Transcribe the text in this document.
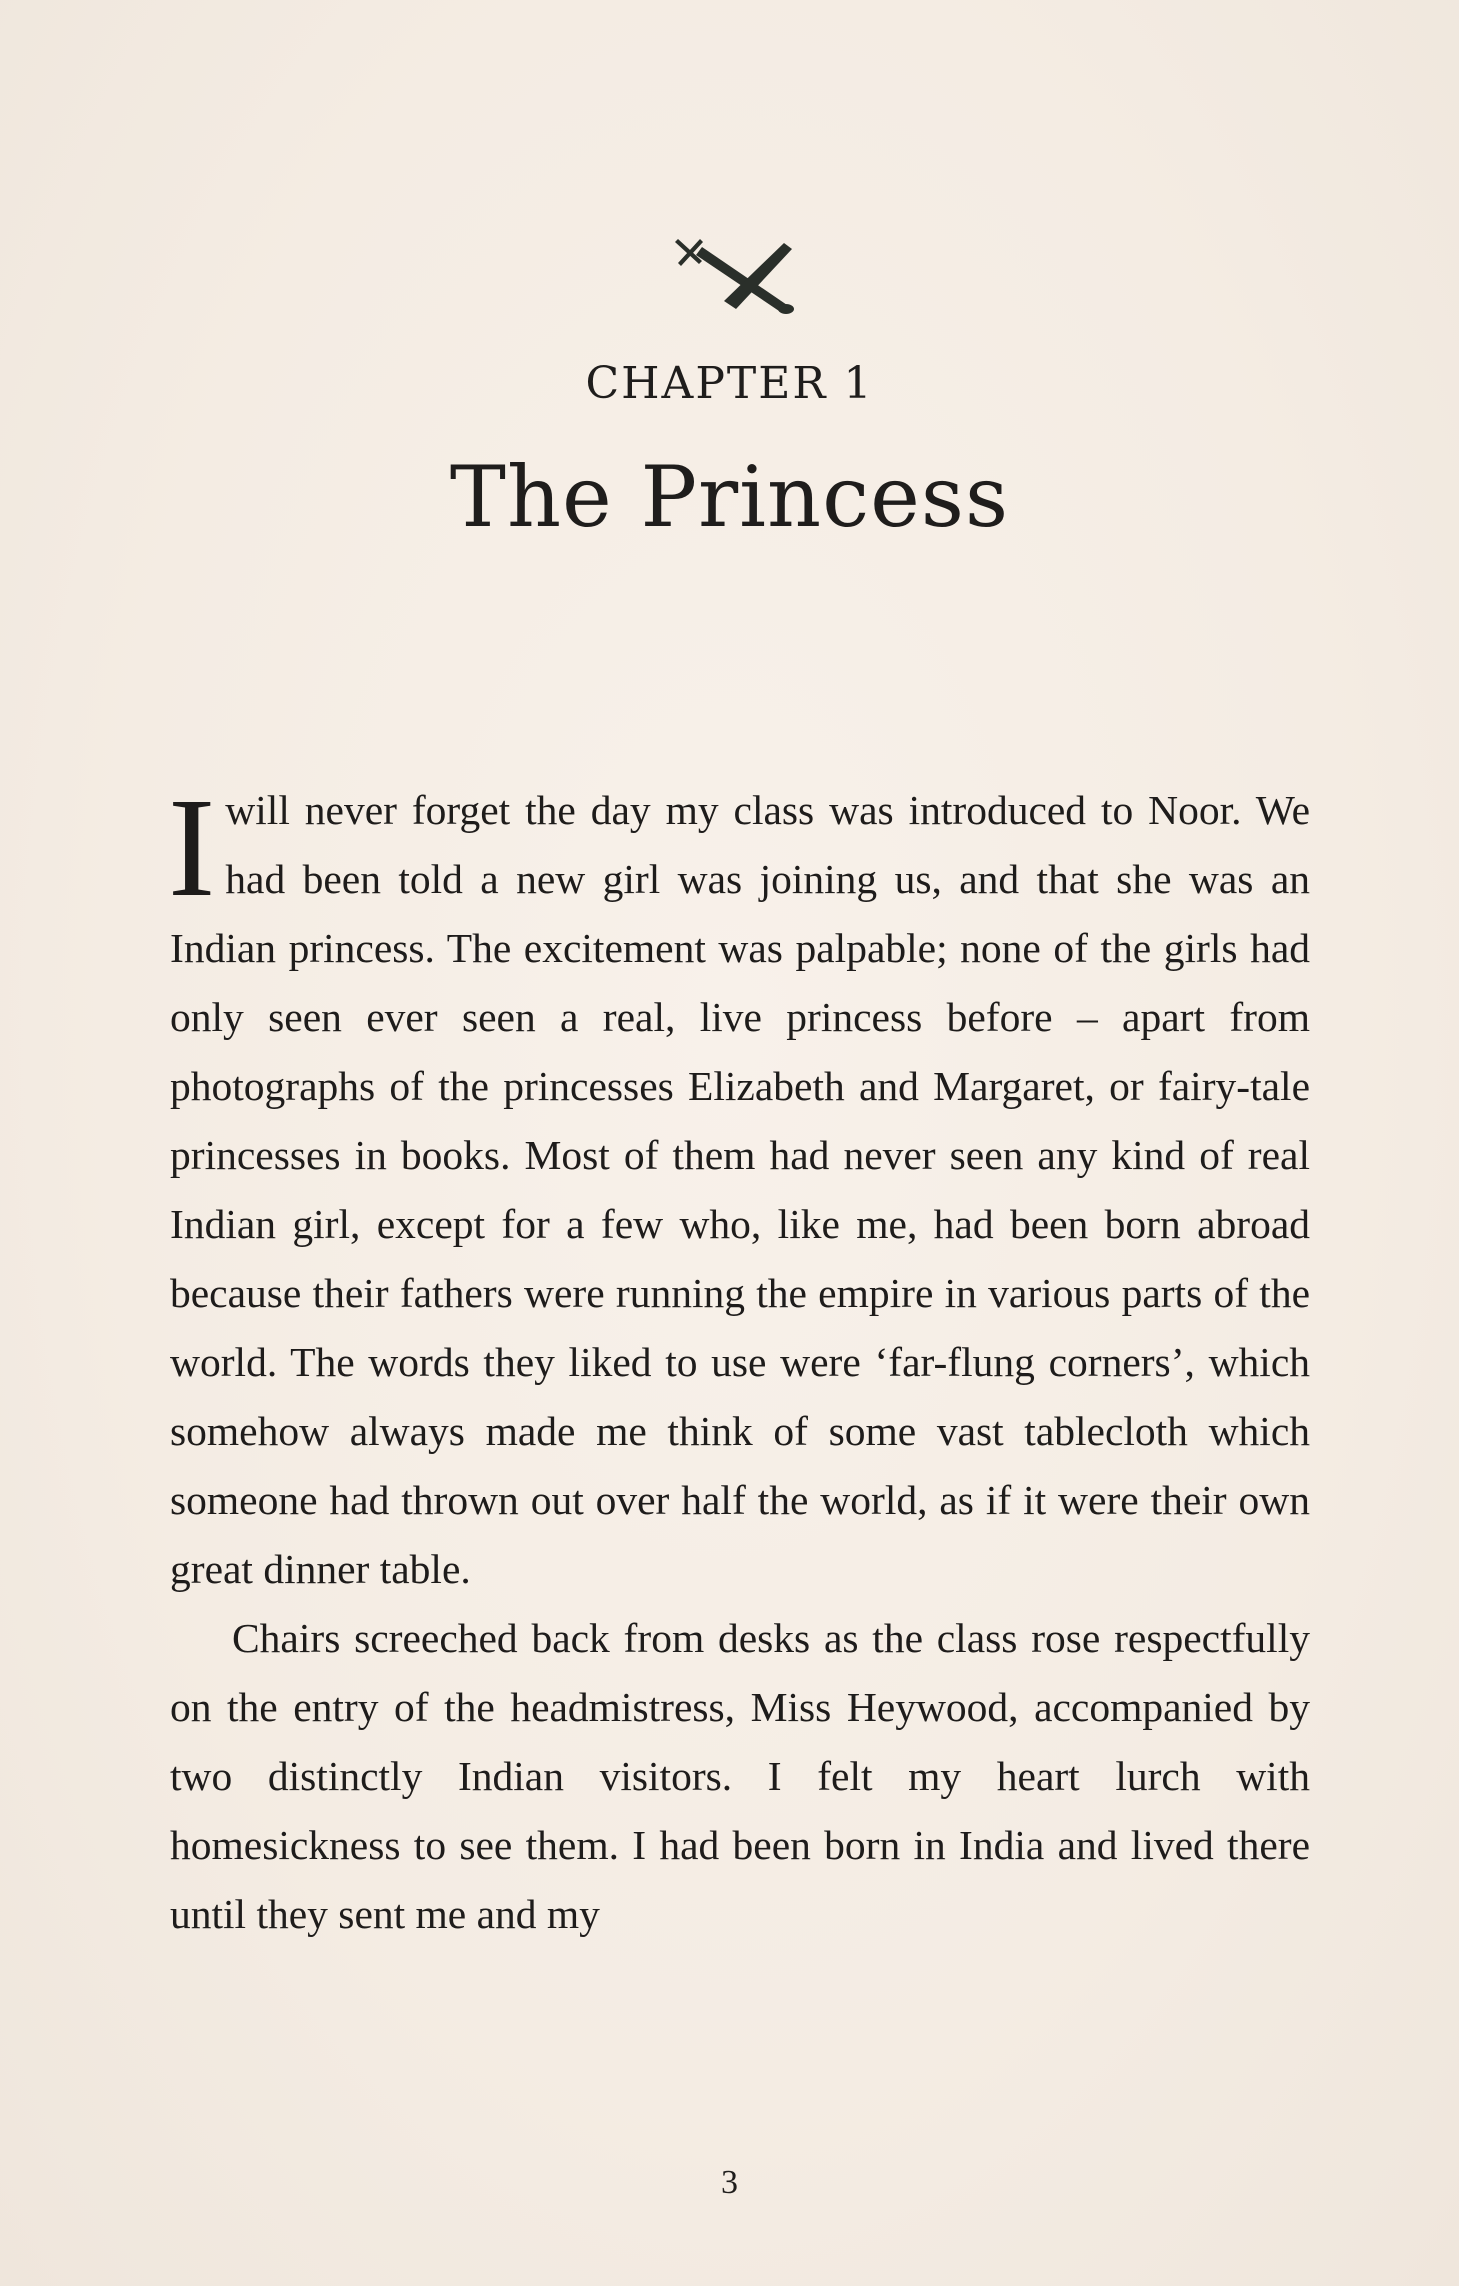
CHAPTER 1
The Princess

Iwill never forget the day my class was introduced to Noor. We had been told a new girl was joining us, and that she was an Indian princess. The excitement was palpable; none of the girls had only seen ever seen a real, live princess before – apart from photographs of the princesses Elizabeth and Margaret, or fairy-tale princesses in books. Most of them had never seen any kind of real Indian girl, except for a few who, like me, had been born abroad because their fathers were running the empire in various parts of the world. The words they liked to use were ‘far-flung corners’, which somehow always made me think of some vast tablecloth which someone had thrown out over half the world, as if it were their own great dinner table.

Chairs screeched back from desks as the class rose respectfully on the entry of the headmistress, Miss Heywood, accompanied by two distinctly Indian visitors. I felt my heart lurch with homesickness to see them. I had been born in India and lived there until they sent me and my

3
